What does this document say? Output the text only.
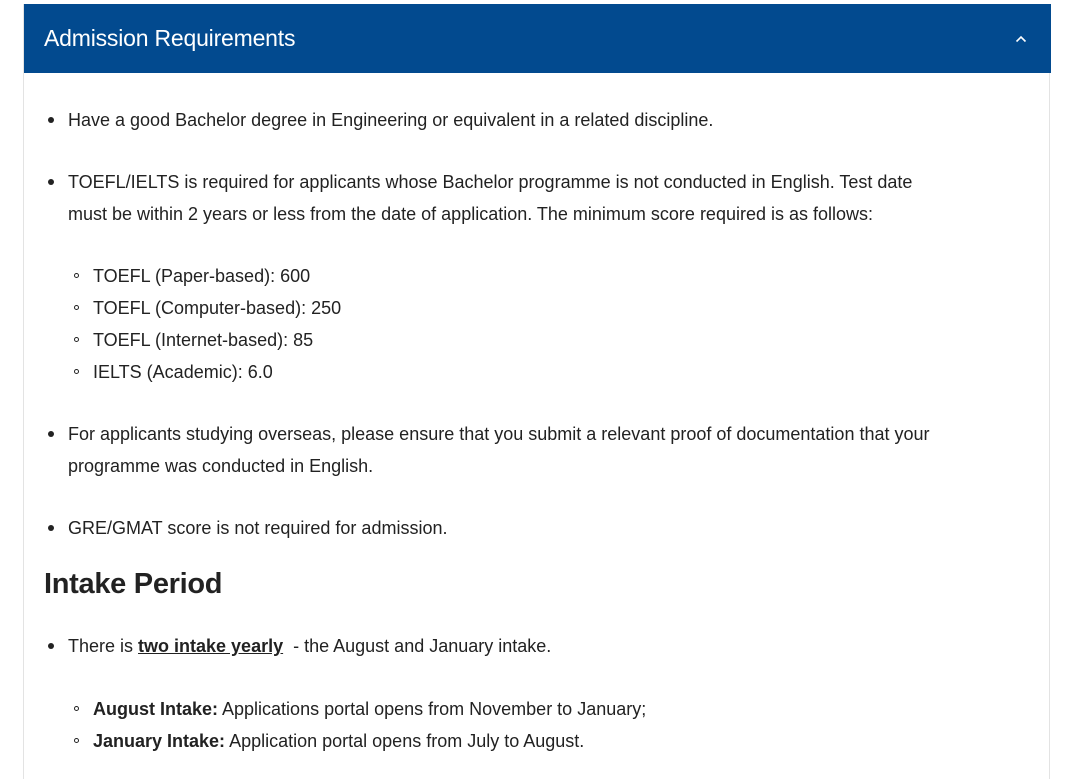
Admission Requirements
Have a good Bachelor degree in Engineering or equivalent in a related discipline.
TOEFL/IELTS is required for applicants whose Bachelor programme is not conducted in English. Test date
must be within 2 years or less from the date of application. The minimum score required is as follows:
TOEFL (Paper-based): 600
TOEFL (Computer-based): 250
TOEFL (Internet-based): 85
IELTS (Academic): 6.0
For applicants studying overseas, please ensure that you submit a relevant proof of documentation that your
programme was conducted in English.
GRE/GMAT score is not required for admission.
Intake Period
There is two intake yearly  - the August and January intake.
August Intake: Applications portal opens from November to January;
January Intake: Application portal opens from July to August.
